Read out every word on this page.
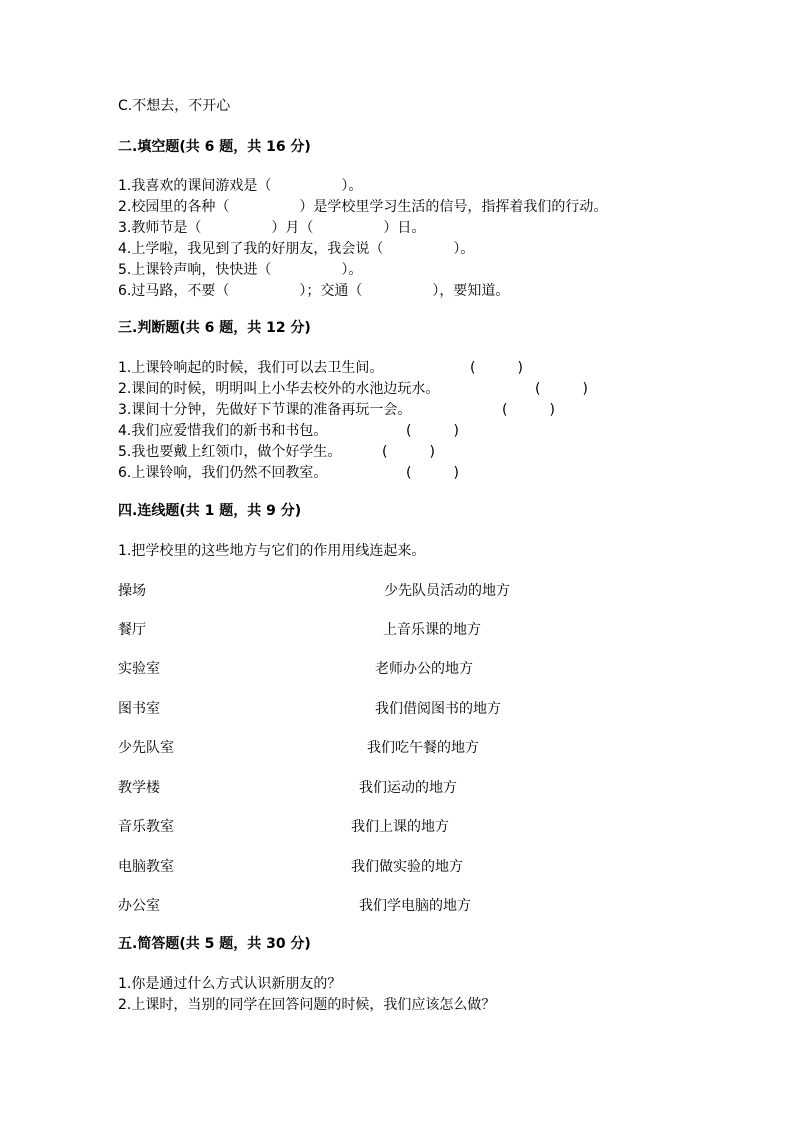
C.不想去，不开心
二.填空题(共 6 题，共 16 分)
1.我喜欢的课间游戏是（　　　　　）。
2.校园里的各种（　　　　　）是学校里学习生活的信号，指挥着我们的行动。
3.教师节是（　　　　　）月（　　　　　）日。
4.上学啦，我见到了我的好朋友，我会说（　　　　　）。
5.上课铃声响，快快进（　　　　　）。
6.过马路，不要（　　　　　）；交通（　　　　　），要知道。
三.判断题(共 6 题，共 12 分)
1.上课铃响起的时候，我们可以去卫生间。	(　　　)
2.课间的时候，明明叫上小华去校外的水池边玩水。	(　　　)
3.课间十分钟，先做好下节课的准备再玩一会。	(　　　)
4.我们应爱惜我们的新书和书包。	(　　　)
5.我也要戴上红领巾，做个好学生。	(　　　)
6.上课铃响，我们仍然不回教室。	(　　　)
四.连线题(共 1 题，共 9 分)
1.把学校里的这些地方与它们的作用用线连起来。
操场	少先队员活动的地方
餐厅	上音乐课的地方
实验室	老师办公的地方
图书室	我们借阅图书的地方
少先队室	我们吃午餐的地方
教学楼	我们运动的地方
音乐教室	我们上课的地方
电脑教室	我们做实验的地方
办公室	我们学电脑的地方
五.简答题(共 5 题，共 30 分)
1.你是通过什么方式认识新朋友的？
2.上课时，当别的同学在回答问题的时候，我们应该怎么做？
